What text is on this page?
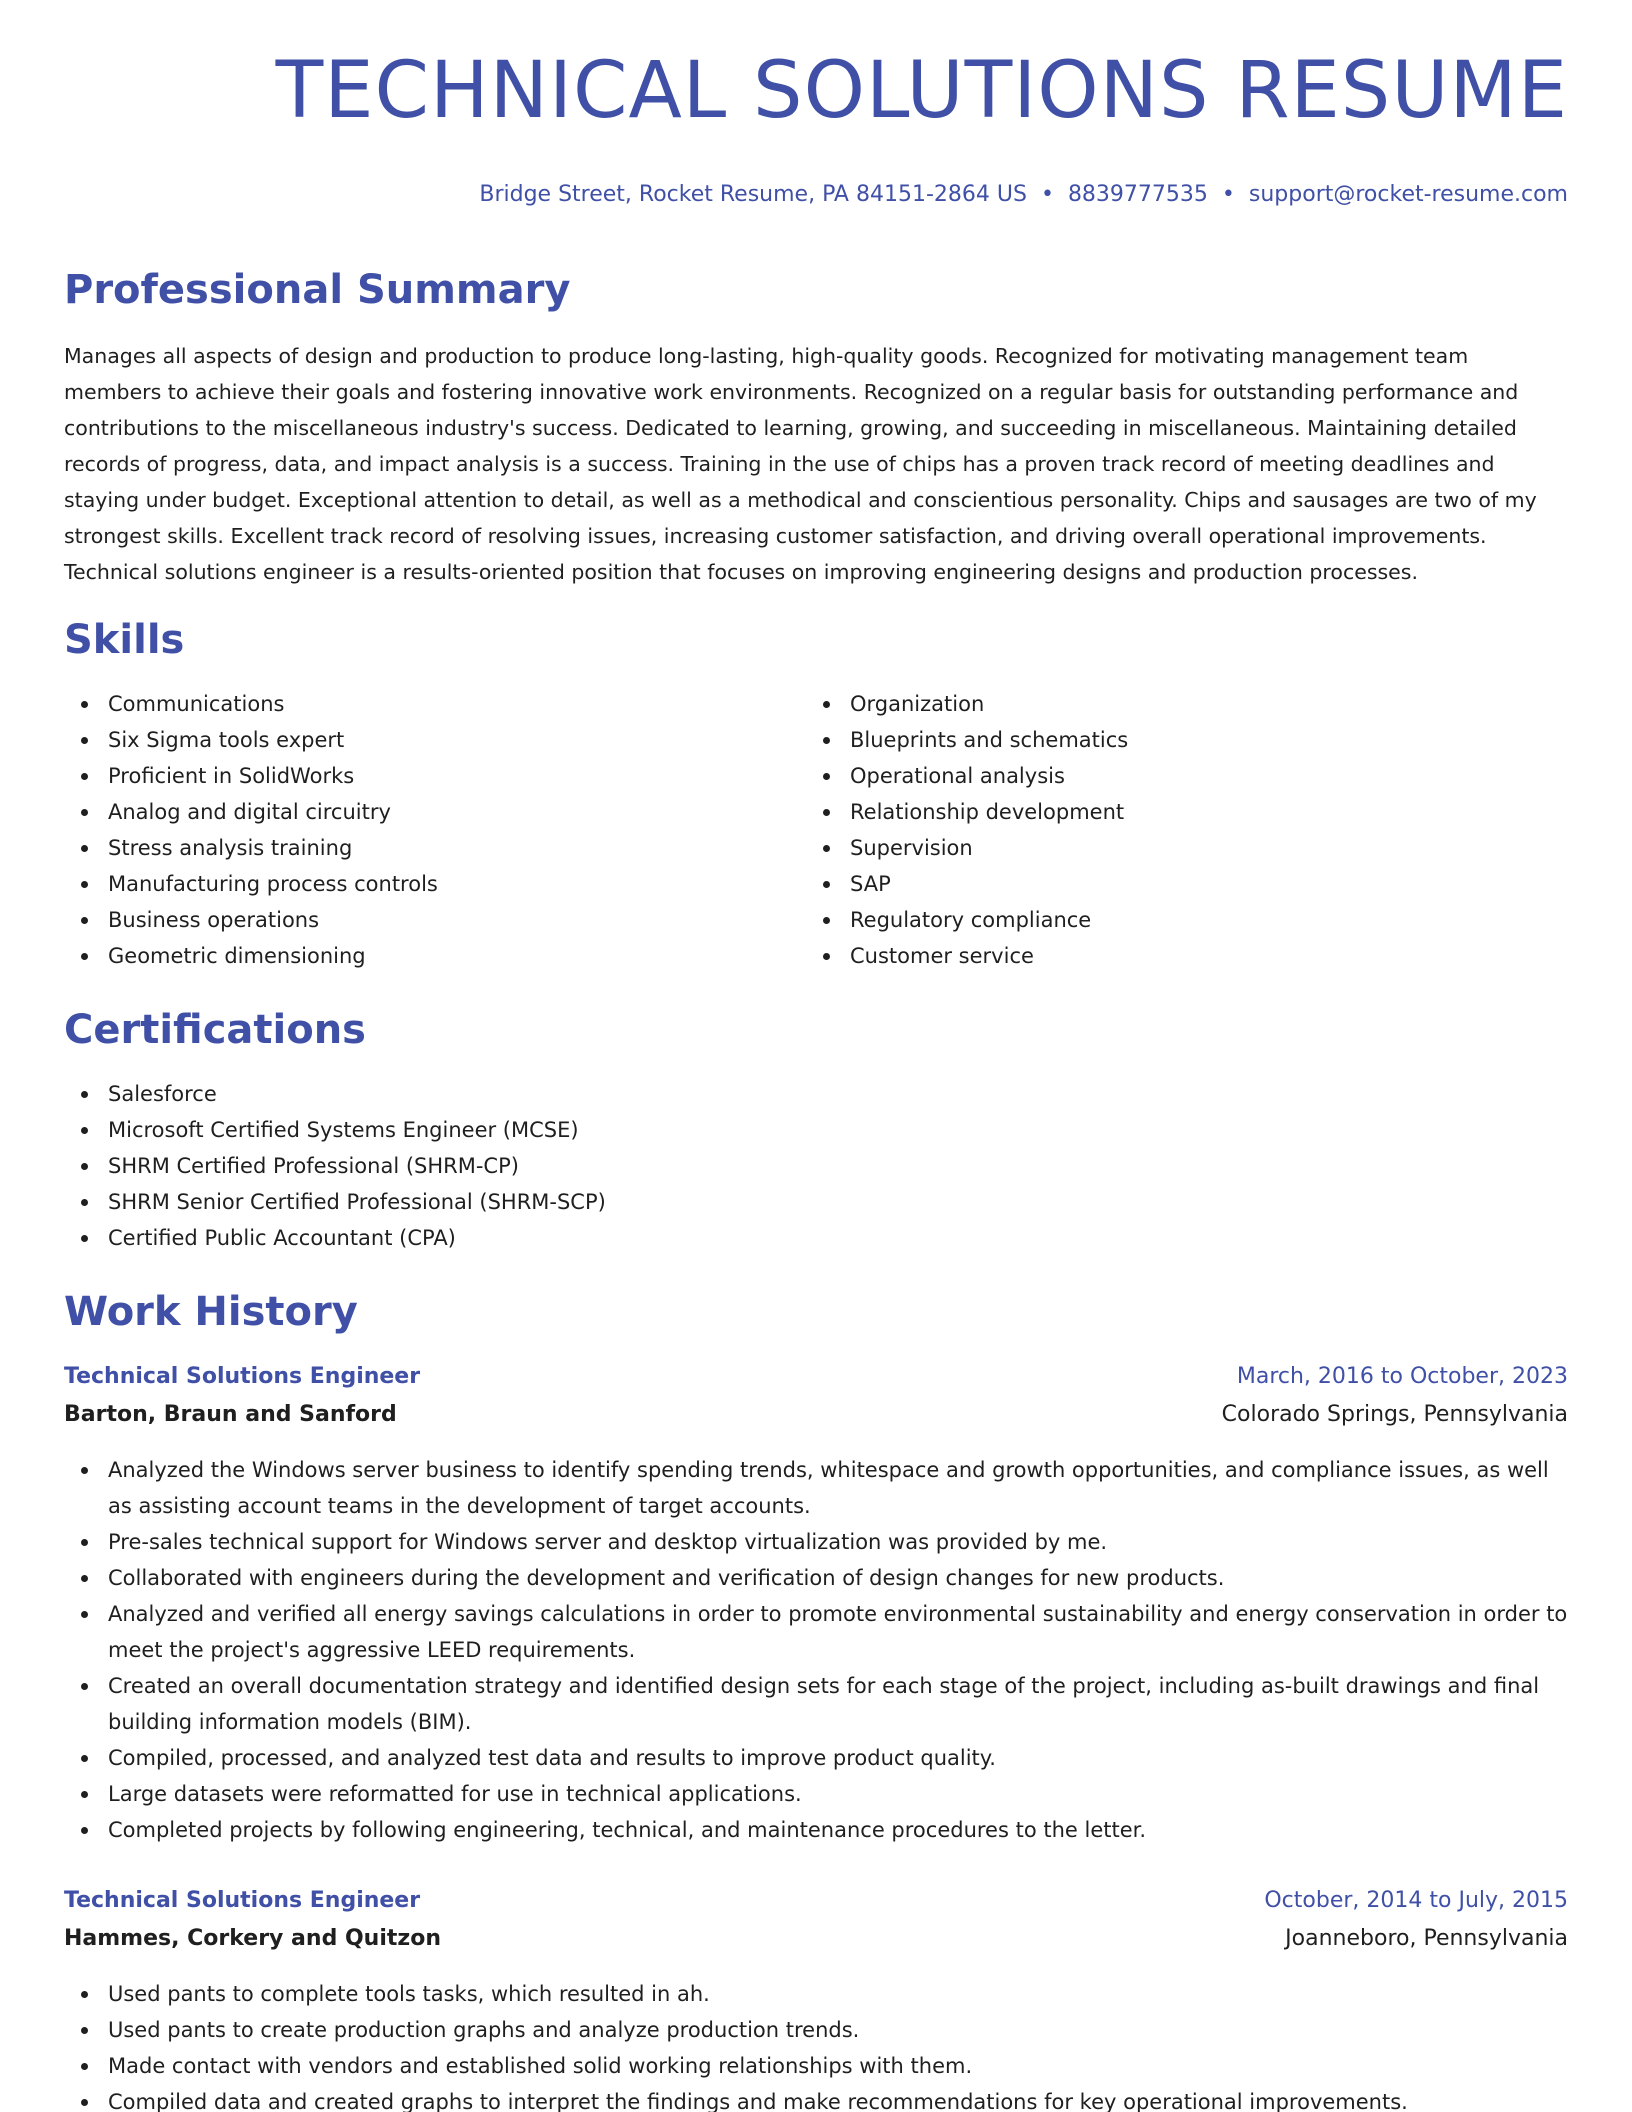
TECHNICAL SOLUTIONS RESUME
Bridge Street, Rocket Resume, PA 84151-2864 US • 8839777535 • support@rocket-resume.com
Professional Summary

Manages all aspects of design and production to produce long-lasting, high-quality goods. Recognized for motivating management team members to achieve their goals and fostering innovative work environments. Recognized on a regular basis for outstanding performance and contributions to the miscellaneous industry's success. Dedicated to learning, growing, and succeeding in miscellaneous. Maintaining detailed records of progress, data, and impact analysis is a success. Training in the use of chips has a proven track record of meeting deadlines and staying under budget. Exceptional attention to detail, as well as a methodical and conscientious personality. Chips and sausages are two of my strongest skills. Excellent track record of resolving issues, increasing customer satisfaction, and driving overall operational improvements. Technical solutions engineer is a results-oriented position that focuses on improving engineering designs and production processes.

Skills
Communications
Six Sigma tools expert
Proficient in SolidWorks
Analog and digital circuitry
Stress analysis training
Manufacturing process controls
Business operations
Geometric dimensioning
Organization
Blueprints and schematics
Operational analysis
Relationship development
Supervision
SAP
Regulatory compliance
Customer service
Certifications
Salesforce
Microsoft Certified Systems Engineer (MCSE)
SHRM Certified Professional (SHRM-CP)
SHRM Senior Certified Professional (SHRM-SCP)
Certified Public Accountant (CPA)
Work History
Technical Solutions Engineer	March, 2016 to October, 2023
Barton, Braun and Sanford	Colorado Springs, Pennsylvania
Analyzed the Windows server business to identify spending trends, whitespace and growth opportunities, and compliance issues, as well as assisting account teams in the development of target accounts.
Pre-sales technical support for Windows server and desktop virtualization was provided by me.
Collaborated with engineers during the development and verification of design changes for new products.
Analyzed and verified all energy savings calculations in order to promote environmental sustainability and energy conservation in order to meet the project's aggressive LEED requirements.
Created an overall documentation strategy and identified design sets for each stage of the project, including as-built drawings and final building information models (BIM).
Compiled, processed, and analyzed test data and results to improve product quality.
Large datasets were reformatted for use in technical applications.
Completed projects by following engineering, technical, and maintenance procedures to the letter.
Technical Solutions Engineer	October, 2014 to July, 2015
Hammes, Corkery and Quitzon	Joanneboro, Pennsylvania
Used pants to complete tools tasks, which resulted in ah.
Used pants to create production graphs and analyze production trends.
Made contact with vendors and established solid working relationships with them.
Compiled data and created graphs to interpret the findings and make recommendations for key operational improvements.
